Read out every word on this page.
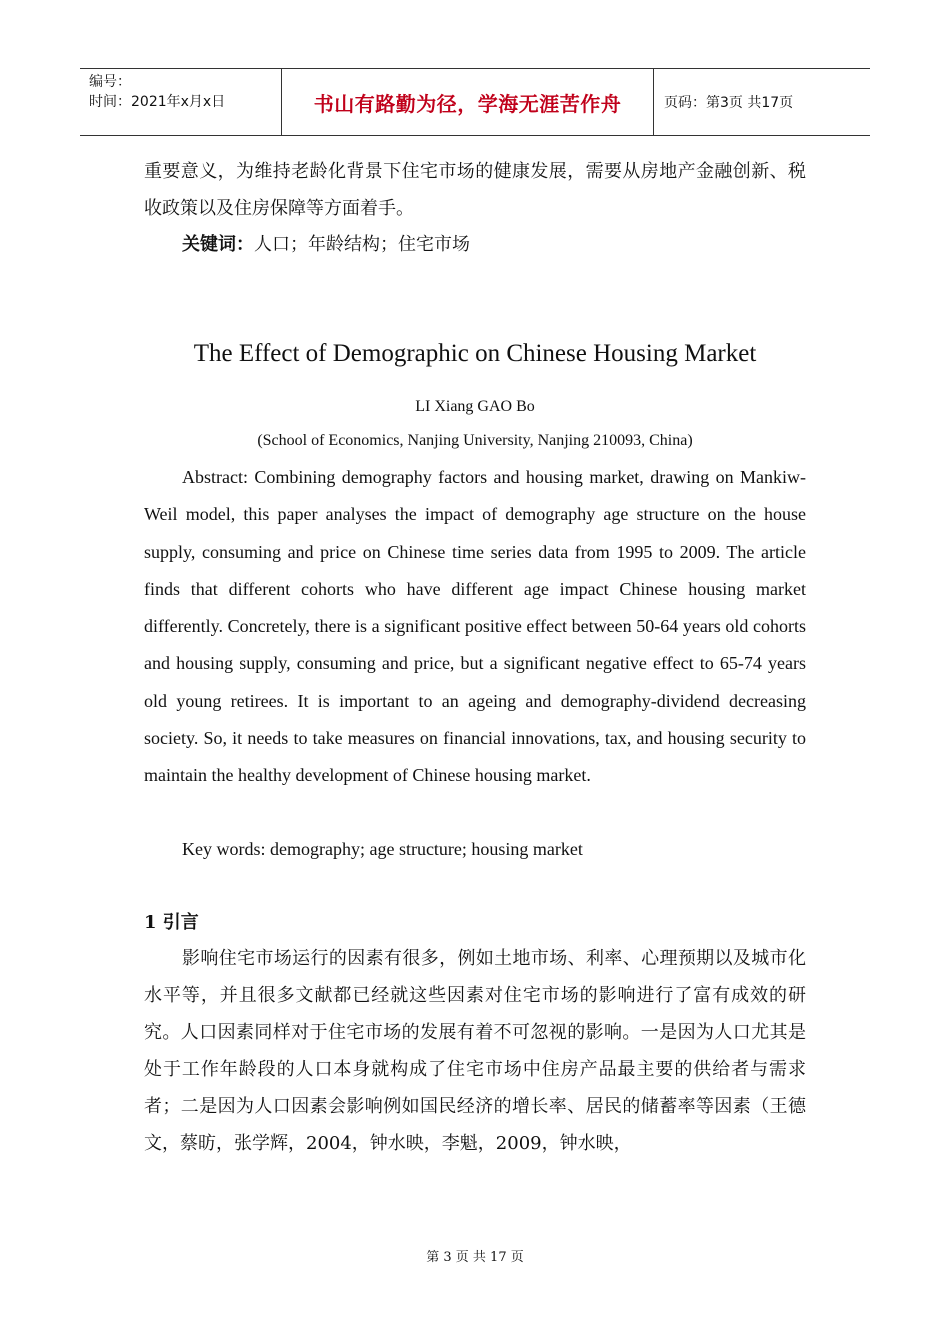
编号：
时间：2021年x月x日	书山有路勤为径，学海无涯苦作舟	页码：第3页 共17页

重要意义，为维持老龄化背景下住宅市场的健康发展，需要从房地产金融创新、税收政策以及住房保障等方面着手。

关键词：人口；年龄结构；住宅市场

The Effect of Demographic on Chinese Housing Market
LI Xiang GAO Bo
(School of Economics, Nanjing University, Nanjing 210093, China)

Abstract: Combining demography factors and housing market, drawing on Mankiw-Weil model, this paper analyses the impact of demography age structure on the house supply, consuming and price on Chinese time series data from 1995 to 2009. The article finds that different cohorts who have different age impact Chinese housing market differently. Concretely, there is a significant positive effect between 50-64 years old cohorts and housing supply, consuming and price, but a significant negative effect to 65-74 years old young retirees. It is important to an ageing and demography-dividend decreasing society. So, it needs to take measures on financial innovations, tax, and housing security to maintain the healthy development of Chinese housing market.

Key words: demography; age structure; housing market

1 引言

影响住宅市场运行的因素有很多，例如土地市场、利率、心理预期以及城市化水平等，并且很多文献都已经就这些因素对住宅市场的影响进行了富有成效的研究。人口因素同样对于住宅市场的发展有着不可忽视的影响。一是因为人口尤其是处于工作年龄段的人口本身就构成了住宅市场中住房产品最主要的供给者与需求者；二是因为人口因素会影响例如国民经济的增长率、居民的储蓄率等因素（王德文，蔡昉，张学辉，2004，钟水映，李魁，2009，钟水映，

第 3 页 共 17 页
